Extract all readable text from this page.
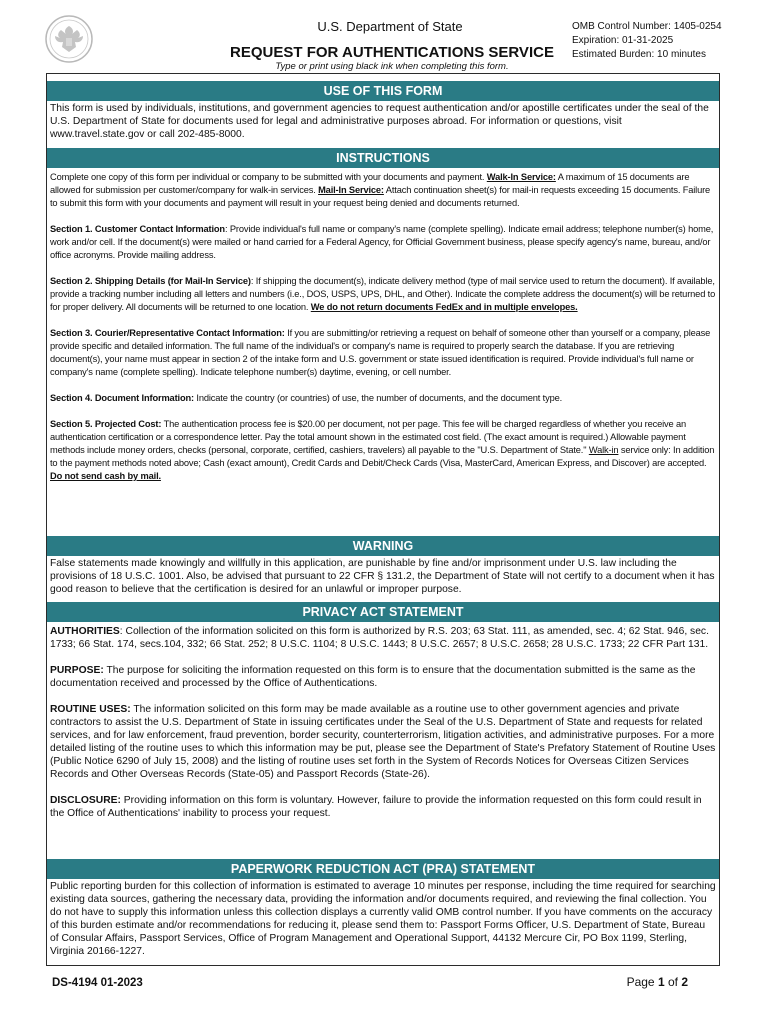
U.S. Department of State
REQUEST FOR AUTHENTICATIONS SERVICE
Type or print using black ink when completing this form.
OMB Control Number: 1405-0254
Expiration: 01-31-2025
Estimated Burden: 10 minutes
USE OF THIS FORM
This form is used by individuals, institutions, and government agencies to request authentication and/or apostille certificates under the seal of the U.S. Department of State for documents used for legal and administrative purposes abroad. For information or questions, visit www.travel.state.gov or call 202-485-8000.
INSTRUCTIONS

Complete one copy of this form per individual or company to be submitted with your documents and payment. Walk-In Service: A maximum of 15 documents are allowed for submission per customer/company for walk-in services. Mail-In Service: Attach continuation sheet(s) for mail-in requests exceeding 15 documents. Failure to submit this form with your documents and payment will result in your request being denied and documents returned.

Section 1. Customer Contact Information: Provide individual's full name or company's name (complete spelling). Indicate email address; telephone number(s) home, work and/or cell. If the document(s) were mailed or hand carried for a Federal Agency, for Official Government business, please specify agency's name, bureau, and/or office acronyms. Provide mailing address.

Section 2. Shipping Details (for Mail-In Service): If shipping the document(s), indicate delivery method (type of mail service used to return the document). If available, provide a tracking number including all letters and numbers (i.e., DOS, USPS, UPS, DHL, and Other). Indicate the complete address the document(s) will be returned to for proper delivery. All documents will be returned to one location. We do not return documents FedEx and in multiple envelopes.

Section 3. Courier/Representative Contact Information: If you are submitting/or retrieving a request on behalf of someone other than yourself or a company, please provide specific and detailed information. The full name of the individual's or company's name is required to properly search the database. If you are retrieving document(s), your name must appear in section 2 of the intake form and U.S. government or state issued identification is required. Provide individual's full name or company's name (complete spelling). Indicate telephone number(s) daytime, evening, or cell number.

Section 4. Document Information: Indicate the country (or countries) of use, the number of documents, and the document type.

Section 5. Projected Cost: The authentication process fee is $20.00 per document, not per page. This fee will be charged regardless of whether you receive an authentication certification or a correspondence letter. Pay the total amount shown in the estimated cost field. (The exact amount is required.) Allowable payment methods include money orders, checks (personal, corporate, certified, cashiers, travelers) all payable to the "U.S. Department of State." Walk-in service only: In addition to the payment methods noted above; Cash (exact amount), Credit Cards and Debit/Check Cards (Visa, MasterCard, American Express, and Discover) are accepted. Do not send cash by mail.

WARNING
False statements made knowingly and willfully in this application, are punishable by fine and/or imprisonment under U.S. law including the provisions of 18 U.S.C. 1001. Also, be advised that pursuant to 22 CFR § 131.2, the Department of State will not certify to a document when it has good reason to believe that the certification is desired for an unlawful or improper purpose.
PRIVACY ACT STATEMENT

AUTHORITIES: Collection of the information solicited on this form is authorized by R.S. 203; 63 Stat. 111, as amended, sec. 4; 62 Stat. 946, sec. 1733; 66 Stat. 174, secs.104, 332; 66 Stat. 252; 8 U.S.C. 1104; 8 U.S.C. 1443; 8 U.S.C. 2657; 8 U.S.C. 2658; 28 U.S.C. 1733; 22 CFR Part 131.

PURPOSE: The purpose for soliciting the information requested on this form is to ensure that the documentation submitted is the same as the documentation received and processed by the Office of Authentications.

ROUTINE USES: The information solicited on this form may be made available as a routine use to other government agencies and private contractors to assist the U.S. Department of State in issuing certificates under the Seal of the U.S. Department of State and requests for related services, and for law enforcement, fraud prevention, border security, counterterrorism, litigation activities, and administrative purposes. For a more detailed listing of the routine uses to which this information may be put, please see the Department of State's Prefatory Statement of Routine Uses (Public Notice 6290 of July 15, 2008) and the listing of routine uses set forth in the System of Records Notices for Overseas Citizen Services Records and Other Overseas Records (State-05) and Passport Records (State-26).

DISCLOSURE: Providing information on this form is voluntary. However, failure to provide the information requested on this form could result in the Office of Authentications' inability to process your request.

PAPERWORK REDUCTION ACT (PRA) STATEMENT
Public reporting burden for this collection of information is estimated to average 10 minutes per response, including the time required for searching existing data sources, gathering the necessary data, providing the information and/or documents required, and reviewing the final collection. You do not have to supply this information unless this collection displays a currently valid OMB control number. If you have comments on the accuracy of this burden estimate and/or recommendations for reducing it, please send them to: Passport Forms Officer, U.S. Department of State, Bureau of Consular Affairs, Passport Services, Office of Program Management and Operational Support, 44132 Mercure Cir, PO Box 1199, Sterling, Virginia 20166-1227.
DS-4194 01-2023	Page 1 of 2
